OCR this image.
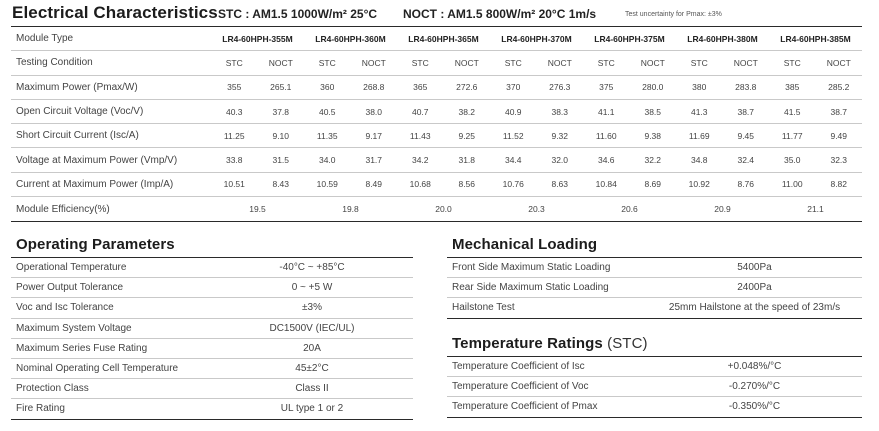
Electrical Characteristics STC : AM1.5 1000W/m² 25°C NOCT : AM1.5 800W/m² 20°C 1m/s	Test uncertainty for Pmax: ±3%
Module Type	LR4-60HPH-355M		LR4-60HPH-360M		LR4-60HPH-365M		LR4-60HPH-370M		LR4-60HPH-375M		LR4-60HPH-380M		LR4-60HPH-385M	
Testing Condition	STC	NOCT	STC	NOCT	STC	NOCT	STC	NOCT	STC	NOCT	STC	NOCT	STC	NOCT
Maximum Power (Pmax/W)	355	265.1	360	268.8	365	272.6	370	276.3	375	280.0	380	283.8	385	285.2
Open Circuit Voltage (Voc/V)	40.3	37.8	40.5	38.0	40.7	38.2	40.9	38.3	41.1	38.5	41.3	38.7	41.5	38.7
Short Circuit Current (Isc/A)	11.25	9.10	11.35	9.17	11.43	9.25	11.52	9.32	11.60	9.38	11.69	9.45	11.77	9.49
Voltage at Maximum Power (Vmp/V)	33.8	31.5	34.0	31.7	34.2	31.8	34.4	32.0	34.6	32.2	34.8	32.4	35.0	32.3
Current at Maximum Power (Imp/A)	10.51	8.43	10.59	8.49	10.68	8.56	10.76	8.63	10.84	8.69	10.92	8.76	11.00	8.82
Module Efficiency(%)	19.5		19.8		20.0		20.3		20.6		20.9		21.1	
Operating Parameters
Operational Temperature	-40°C ~ +85°C
Power Output Tolerance	0 ~ +5 W
Voc and Isc Tolerance	±3%
Maximum System Voltage	DC1500V (IEC/UL)
Maximum Series Fuse Rating	20A
Nominal Operating Cell Temperature	45±2°C
Protection Class	Class II
Fire Rating	UL type 1 or 2
Mechanical Loading
Front Side Maximum Static Loading	5400Pa
Rear Side Maximum Static Loading	2400Pa
Hailstone Test	25mm Hailstone at the speed of 23m/s
Temperature Ratings (STC)
Temperature Coefficient of Isc	+0.048%/°C
Temperature Coefficient of Voc	-0.270%/°C
Temperature Coefficient of Pmax	-0.350%/°C
